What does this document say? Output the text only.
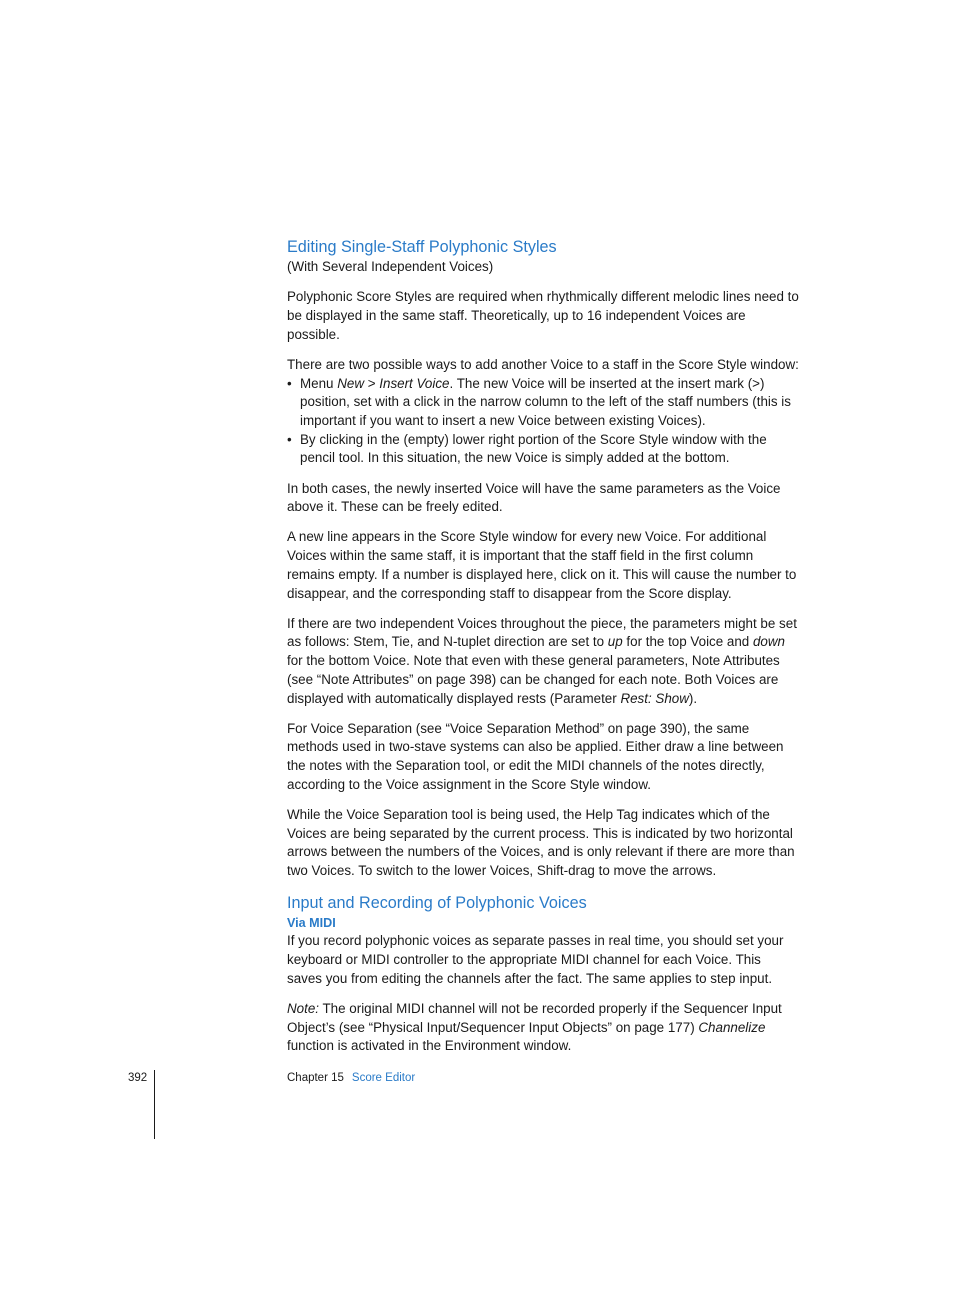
Editing Single-Staff Polyphonic Styles

(With Several Independent Voices)

Polyphonic Score Styles are required when rhythmically different melodic lines need to be displayed in the same staff. Theoretically, up to 16 independent Voices are possible.

There are two possible ways to add another Voice to a staff in the Score Style window:

• Menu New > Insert Voice. The new Voice will be inserted at the insert mark (>) position, set with a click in the narrow column to the left of the staff numbers (this is important if you want to insert a new Voice between existing Voices).
• By clicking in the (empty) lower right portion of the Score Style window with the pencil tool. In this situation, the new Voice is simply added at the bottom.

In both cases, the newly inserted Voice will have the same parameters as the Voice above it. These can be freely edited.

A new line appears in the Score Style window for every new Voice. For additional Voices within the same staff, it is important that the staff field in the first column remains empty. If a number is displayed here, click on it. This will cause the number to disappear, and the corresponding staff to disappear from the Score display.

If there are two independent Voices throughout the piece, the parameters might be set as follows: Stem, Tie, and N-tuplet direction are set to up for the top Voice and down for the bottom Voice. Note that even with these general parameters, Note Attributes (see “Note Attributes” on page 398) can be changed for each note. Both Voices are displayed with automatically displayed rests (Parameter Rest: Show).

For Voice Separation (see “Voice Separation Method” on page 390), the same methods used in two-stave systems can also be applied. Either draw a line between the notes with the Separation tool, or edit the MIDI channels of the notes directly, according to the Voice assignment in the Score Style window.

While the Voice Separation tool is being used, the Help Tag indicates which of the Voices are being separated by the current process. This is indicated by two horizontal arrows between the numbers of the Voices, and is only relevant if there are more than two Voices. To switch to the lower Voices, Shift-drag to move the arrows.

Input and Recording of Polyphonic Voices
Via MIDI

If you record polyphonic voices as separate passes in real time, you should set your keyboard or MIDI controller to the appropriate MIDI channel for each Voice. This saves you from editing the channels after the fact. The same applies to step input.

Note: The original MIDI channel will not be recorded properly if the Sequencer Input Object’s (see “Physical Input/Sequencer Input Objects” on page 177) Channelize function is activated in the Environment window.

392	Chapter 15 Score Editor
